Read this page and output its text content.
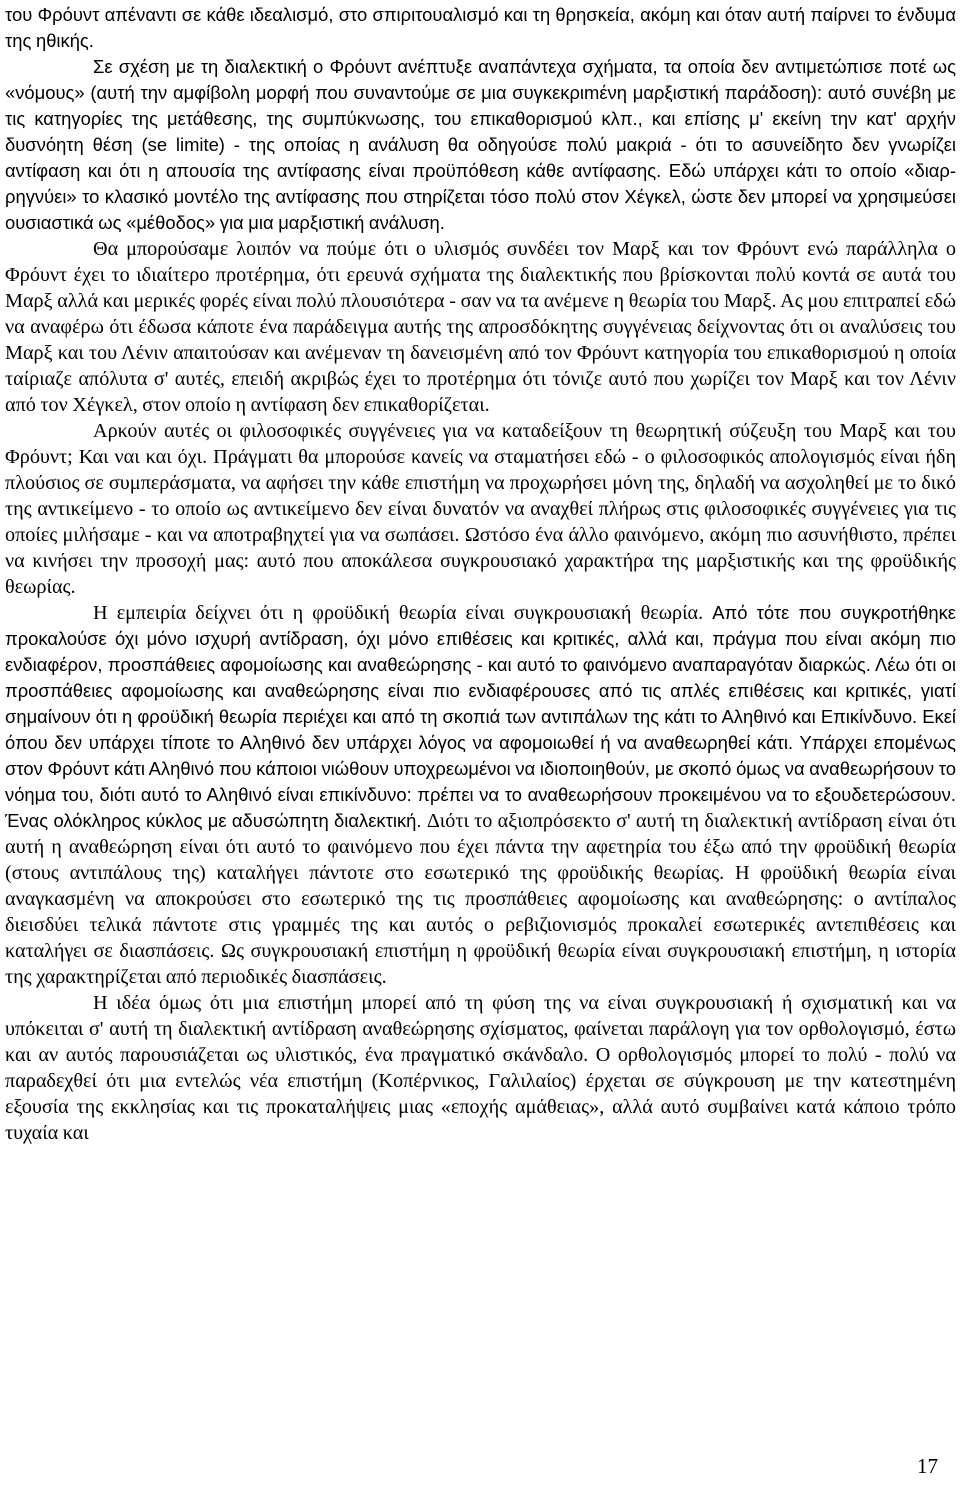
του Φρόυντ απέναντι σε κάθε ιδεαλισμό, στο σπιριτουαλισμό και τη θρησκεία, ακόμη και όταν αυτή παίρνει το ένδυμα της ηθικής.

Σε σχέση με τη διαλεκτική ο Φρόυντ ανέπτυξε αναπάντεχα σχήματα, τα οποία δεν αντιμετώπισε ποτέ ως «νόμους» (αυτή την αμφίβολη μορφή που συναντούμε σε μια συγκεκριmένη μαρξιστική παράδοση): αυτό συνέβη με τις κατηγορίες της μετάθεσης, της συμπύκνωσης, του επικαθορισμού κλπ., και επίσης μ' εκείνη την κατ' αρχήν δυσνόητη θέση (se limite) - της οποίας η ανάλυση θα οδηγούσε πολύ μακριά - ότι το ασυνείδητο δεν γνωρίζει αντίφαση και ότι η απουσία της αντίφασης είναι προϋπόθεση κάθε αντίφασης. Εδώ υπάρχει κάτι το οποίο «διαρρηγνύει» το κλασικό μοντέλο της αντίφασης που στηρίζεται τόσο πολύ στον Χέγκελ, ώστε δεν μπορεί να χρησιμεύσει ουσιαστικά ως «μέθοδος» για μια μαρξιστική ανάλυση.

Θα μπορούσαμε λοιπόν να πούμε ότι ο υλισμός συνδέει τον Μαρξ και τον Φρόυντ ενώ παράλληλα ο Φρόυντ έχει το ιδιαίτερο προτέρημα, ότι ερευνά σχήματα της διαλεκτικής που βρίσκονται πολύ κοντά σε αυτά του Μαρξ αλλά και μερικές φορές είναι πολύ πλουσιότερα - σαν να τα ανέμενε η θεωρία του Μαρξ. Ας μου επιτραπεί εδώ να αναφέρω ότι έδωσα κάποτε ένα παράδειγμα αυτής της απροσδόκητης συγγένειας δείχνοντας ότι οι αναλύσεις του Μαρξ και του Λένιν απαιτούσαν και ανέμεναν τη δανεισμένη από τον Φρόυντ κατηγορία του επικαθορισμού η οποία ταίριαζε απόλυτα σ' αυτές, επειδή ακριβώς έχει το προτέρημα ότι τόνιζε αυτό που χωρίζει τον Μαρξ και τον Λένιν από τον Χέγκελ, στον οποίο η αντίφαση δεν επικαθορίζεται.

Αρκούν αυτές οι φιλοσοφικές συγγένειες για να καταδείξουν τη θεωρητική σύζευξη του Μαρξ και του Φρόυντ; Και ναι και όχι. Πράγματι θα μπορούσε κανείς να σταματήσει εδώ - ο φιλοσοφικός απολογισμός είναι ήδη πλούσιος σε συμπεράσματα, να αφήσει την κάθε επιστήμη να προχωρήσει μόνη της, δηλαδή να ασχοληθεί με το δικό της αντικείμενο - το οποίο ως αντικείμενο δεν είναι δυνατόν να αναχθεί πλήρως στις φιλοσοφικές συγγένειες για τις οποίες μιλήσαμε - και να αποτραβηχτεί για να σωπάσει. Ωστόσο ένα άλλο φαινόμενο, ακόμη πιο ασυνήθιστο, πρέπει να κινήσει την προσοχή μας: αυτό που αποκάλεσα συγκρουσιακό χαρακτήρα της μαρξιστικής και της φροϋδικής θεωρίας.

Η εμπειρία δείχνει ότι η φροϋδική θεωρία είναι συγκρουσιακή θεωρία. Από τότε που συγκροτήθηκε προκαλούσε όχι μόνο ισχυρή αντίδραση, όχι μόνο επιθέσεις και κριτικές, αλλά και, πράγμα που είναι ακόμη πιο ενδιαφέρον, προσπάθειες αφομοίωσης και αναθεώρησης - και αυτό το φαινόμενο αναπαραγόταν διαρκώς. Λέω ότι οι προσπάθειες αφομοίωσης και αναθεώρησης είναι πιο ενδιαφέρουσες από τις απλές επιθέσεις και κριτικές, γιατί σημαίνουν ότι η φροϋδική θεωρία περιέχει και από τη σκοπιά των αντιπάλων της κάτι το Αληθινό και Επικίνδυνο. Εκεί όπου δεν υπάρχει τίποτε το Αληθινό δεν υπάρχει λόγος να αφομοιωθεί ή να αναθεωρηθεί κάτι. Υπάρχει επομένως στον Φρόυντ κάτι Αληθινό που κάποιοι νιώθουν υποχρεωμένοι να ιδιοποιηθούν, με σκοπό όμως να αναθεωρήσουν το νόημα του, διότι αυτό το Αληθινό είναι επικίνδυνο: πρέπει να το αναθεωρήσουν προκειμένου να το εξουδετερώσουν. Ένας ολόκληρος κύκλος με αδυσώπητη διαλεκτική. Διότι το αξιοπρόσεκτο σ' αυτή τη διαλεκτική αντίδραση είναι ότι αυτή η αναθεώρηση είναι ότι αυτό το φαινόμενο που έχει πάντα την αφετηρία του έξω από την φροϋδική θεωρία (στους αντιπάλους της) καταλήγει πάντοτε στο εσωτερικό της φροϋδικής θεωρίας. Η φροϋδική θεωρία είναι αναγκασμένη να αποκρούσει στο εσωτερικό της τις προσπάθειες αφομοίωσης και αναθεώρησης: ο αντίπαλος διεισδύει τελικά πάντοτε στις γραμμές της και αυτός ο ρεβιζιονισμός προκαλεί εσωτερικές αντεπιθέσεις και καταλήγει σε διασπάσεις. Ως συγκρουσιακή επιστήμη η φροϋδική θεωρία είναι συγκρουσιακή επιστήμη, η ιστορία της χαρακτηρίζεται από περιοδικές διασπάσεις.

Η ιδέα όμως ότι μια επιστήμη μπορεί από τη φύση της να είναι συγκρουσιακή ή σχισματική και να υπόκειται σ' αυτή τη διαλεκτική αντίδραση αναθεώρησης σχίσματος, φαίνεται παράλογη για τον ορθολογισμό, έστω και αν αυτός παρουσιάζεται ως υλιστικός, ένα πραγματικό σκάνδαλο. Ο ορθολογισμός μπορεί το πολύ - πολύ να παραδεχθεί ότι μια εντελώς νέα επιστήμη (Κοπέρνικος, Γαλιλαίος) έρχεται σε σύγκρουση με την κατεστημένη εξουσία της εκκλησίας και τις προκαταλήψεις μιας «εποχής αμάθειας», αλλά αυτό συμβαίνει κατά κάποιο τρόπο τυχαία και

17
